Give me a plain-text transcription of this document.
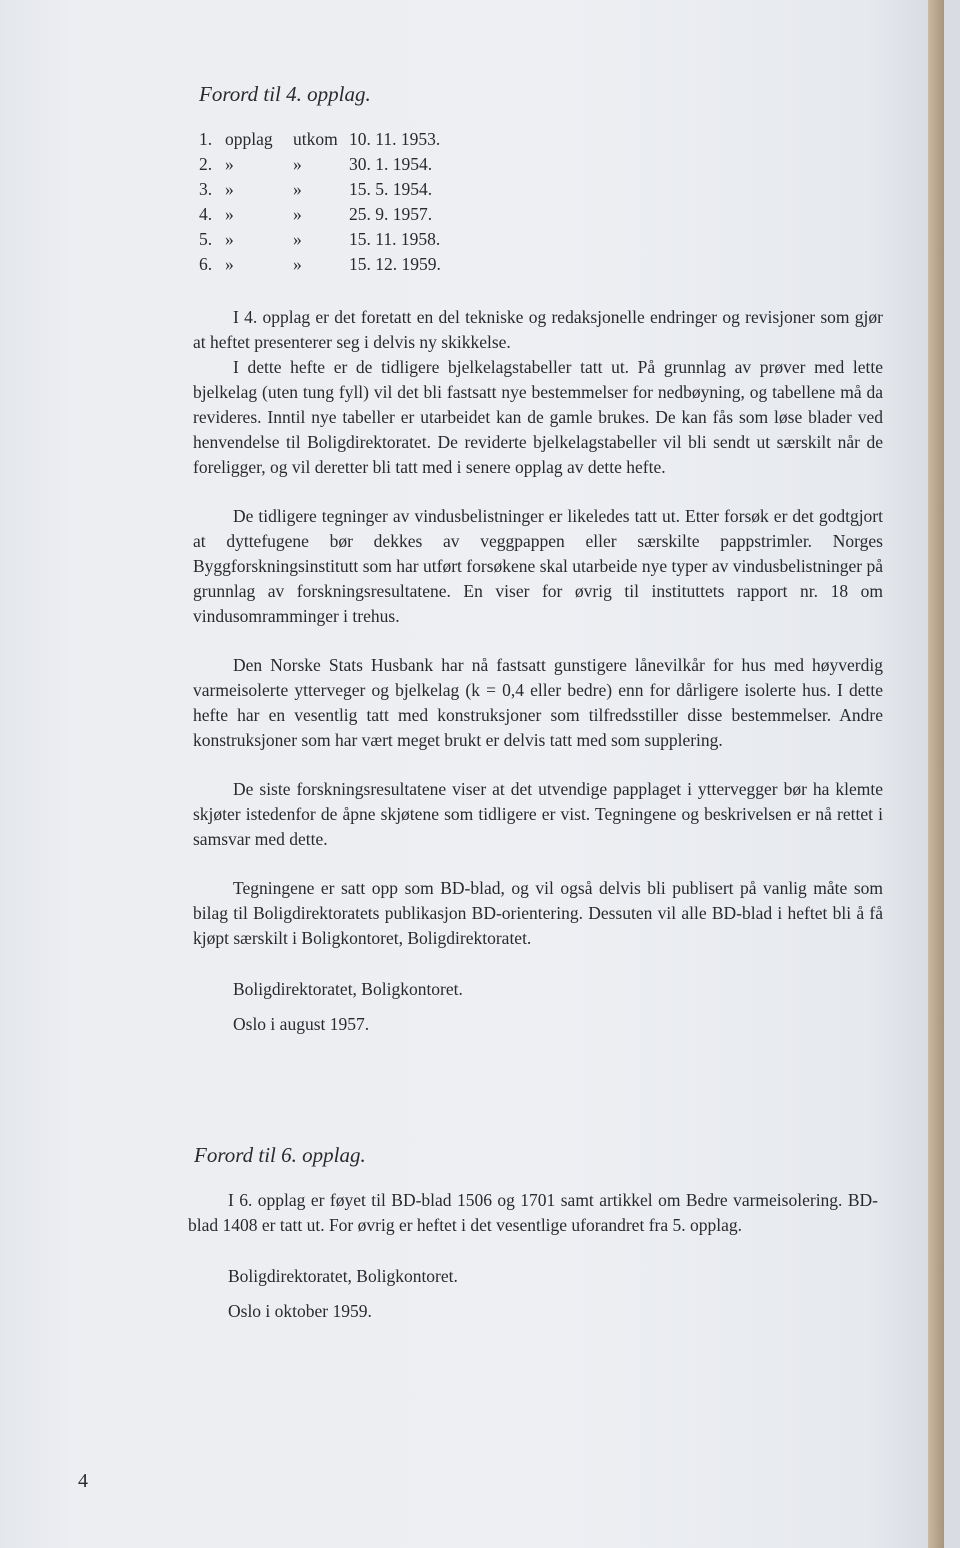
Forord til 4. opplag.
1. opplag	utkom 10. 11. 1953.
2. »	»	30. 1. 1954.
3. »	»	15. 5. 1954.
4. »	»	25. 9. 1957.
5. »	»	15. 11. 1958.
6. »	»	15. 12. 1959.

I 4. opplag er det foretatt en del tekniske og redaksjonelle endringer og revisjoner som gjør at heftet presenterer seg i delvis ny skikkelse.

I dette hefte er de tidligere bjelkelagstabeller tatt ut. På grunnlag av prøver med lette bjelkelag (uten tung fyll) vil det bli fastsatt nye bestemmelser for nedbøyning, og tabellene må da revideres. Inntil nye tabeller er utarbeidet kan de gamle brukes. De kan fås som løse blader ved henvendelse til Boligdirektoratet. De reviderte bjelkelagstabeller vil bli sendt ut særskilt når de foreligger, og vil deretter bli tatt med i senere opplag av dette hefte.

De tidligere tegninger av vindusbelistninger er likeledes tatt ut. Etter forsøk er det godtgjort at dyttefugene bør dekkes av veggpappen eller særskilte pappstrimler. Norges Byggforskningsinstitutt som har utført forsøkene skal utarbeide nye typer av vindusbelistninger på grunnlag av forskningsresultatene. En viser for øvrig til instituttets rapport nr. 18 om vindusomramminger i trehus.

Den Norske Stats Husbank har nå fastsatt gunstigere lånevilkår for hus med høyverdig varmeisolerte ytterveger og bjelkelag (k = 0,4 eller bedre) enn for dårligere isolerte hus. I dette hefte har en vesentlig tatt med konstruksjoner som tilfredsstiller disse bestemmelser. Andre konstruksjoner som har vært meget brukt er delvis tatt med som supplering.

De siste forskningsresultatene viser at det utvendige papplaget i yttervegger bør ha klemte skjøter istedenfor de åpne skjøtene som tidligere er vist. Tegningene og beskrivelsen er nå rettet i samsvar med dette.

Tegningene er satt opp som BD-blad, og vil også delvis bli publisert på vanlig måte som bilag til Boligdirektoratets publikasjon BD-orientering. Dessuten vil alle BD-blad i heftet bli å få kjøpt særskilt i Boligkontoret, Boligdirektoratet.

Boligdirektoratet, Boligkontoret.
Oslo i august 1957.
Forord til 6. opplag.

I 6. opplag er føyet til BD-blad 1506 og 1701 samt artikkel om Bedre varmeisolering. BD-blad 1408 er tatt ut. For øvrig er heftet i det vesentlige uforandret fra 5. opplag.

Boligdirektoratet, Boligkontoret.
Oslo i oktober 1959.
4
